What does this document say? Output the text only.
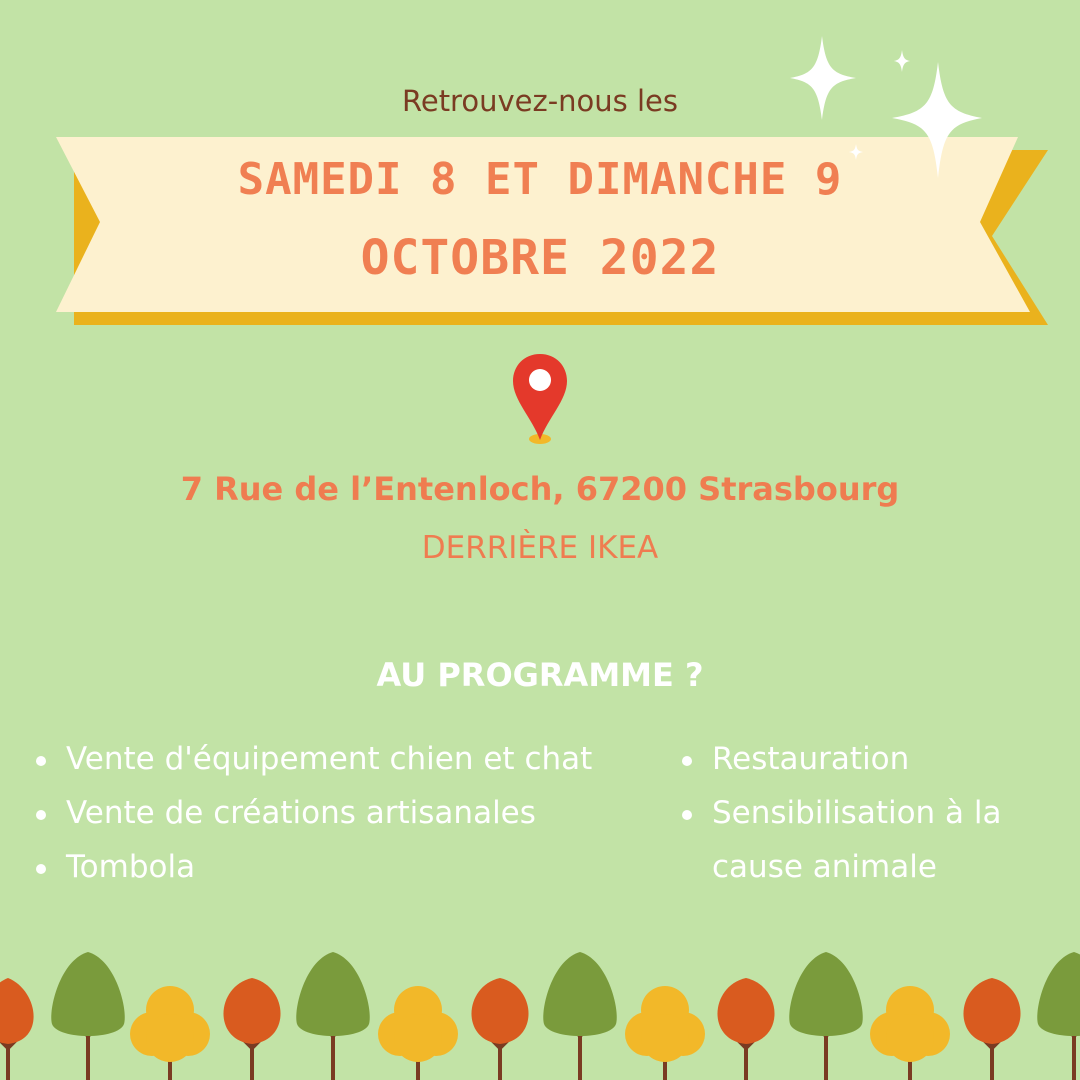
Retrouvez-nous les
SAMEDI 8 ET DIMANCHE 9
OCTOBRE 2022
7 Rue de l’Entenloch, 67200 Strasbourg
DERRIÈRE IKEA
AU PROGRAMME ?
Vente d'équipement chien et chat
Vente de créations artisanales
Tombola
Restauration
Sensibilisation à la cause animale
